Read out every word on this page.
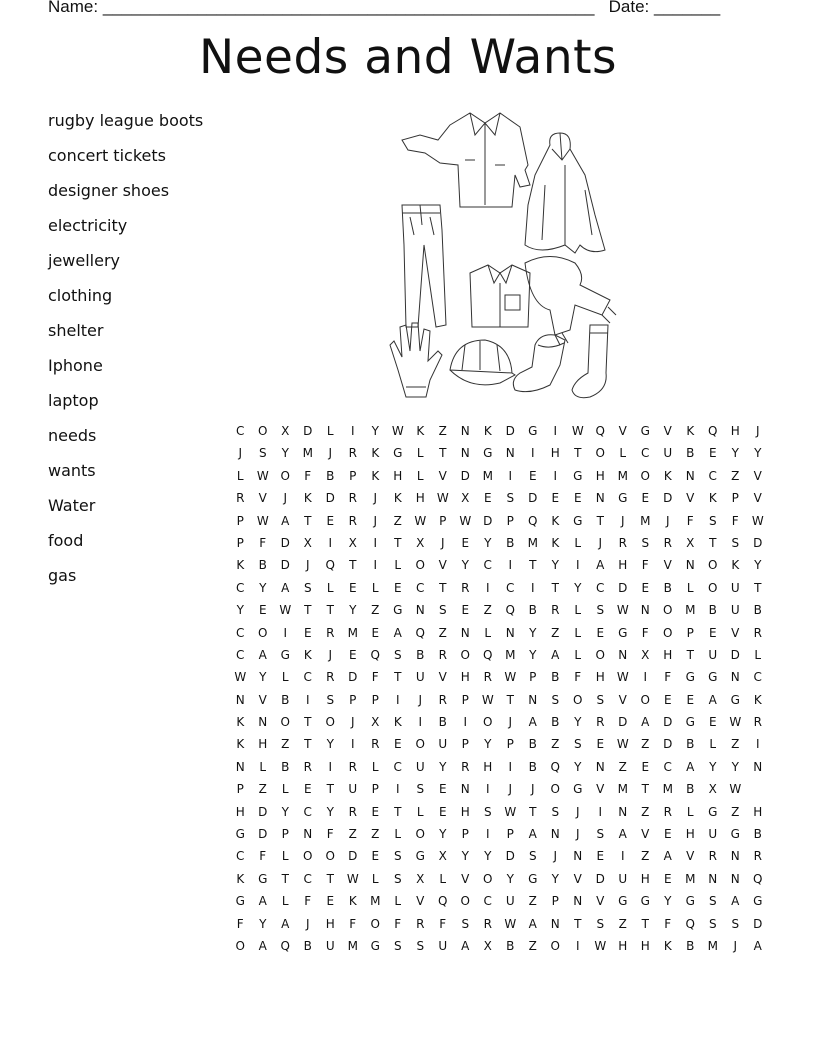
Name: ____________________________________________________ Date: _______
Needs and Wants
rugby league boots
concert tickets
designer shoes
electricity
jewellery
clothing
shelter
Iphone
laptop
needs
wants
Water
food
gas
C	O	X	D	L	I	Y	W	K	Z	N	K	D	G	I	W Q	V	G	V	K	Q	H	J
J	S	Y	M	J	R	K	G	L	T	N	G	N	I	H	T	O	L	C	U	B	E	Y	Y
L	W O	F	B	P	K	H	L	V	D	M	I	E	I	G	H	M	O	K	N	C	Z	V
R	V	J	K	D	R	J	K	H	W	X	E	S	D	E	E	N	G	E	D	V	K	P	V
P	W	A	T	E	R	J	Z	W	P	W D	P	Q	K	G	T	J	M	J	F	S	F	W
P	F	D	X	I	X	I	T	X	J	E	Y	B	M	K	L	J	R	S	R	X	T	S	D
K	B	D	J	Q	T	I	L	O	V	Y	C	I	T	Y	I	A	H	F	V	N	O	K	Y
C	Y	A	S	L	E	L	E	C	T	R	I	C	I	T	Y	C	D	E	B	L	O	U	T
Y	E	W	T	T	Y	Z	G	N	S	E	Z	Q	B	R	L	S	W	N	O	M	B	U	B
C	O	I	E	R	M	E	A	Q	Z	N	L	N	Y	Z	L	E	G	F	O	P	E	V	R
C	A	G	K	J	E	Q	S	B	R	O	Q	M	Y	A	L	O	N	X	H	T	U	D	L
W	Y	L	C	R	D	F	T	U	V	H	R	W	P	B	F	H	W	I	F	G	G	N	C
N	V	B	I	S	P	P	I	J	R	P	W	T	N	S	O	S	V	O	E	E	A	G	K
K	N	O	T	O	J	X	K	I	B	I	O	J	A	B	Y	R	D	A	D	G	E	W	R
K	H	Z	T	Y	I	R	E	O	U	P	Y	P	B	Z	S	E	W	Z	D	B	L	Z	I
N	L	B	R	I	R	L	C	U	Y	R	H	I	B	Q	Y	N	Z	E	C	A	Y	Y	N
P	Z	L	E	T	U	P	I	S	E	N	I	J	J	O	G	V	M	T	M	B	X	W
H	D	Y	C	Y	R	E	T	L	E	H	S	W	T	S	J	I	N	Z	R	L	G	Z	H
G	D	P	N	F	Z	Z	L	O	Y	P	I	P	A	N	J	S	A	V	E	H	U	G	B
C	F	L	O	O	D	E	S	G	X	Y	Y	D	S	J	N	E	I	Z	A	V	R	N	R
K	G	T	C	T	W	L	S	X	L	V	O	Y	G	Y	V	D	U	H	E	M	N	N	Q
G	A	L	F	E	K	M	L	V	Q	O	C	U	Z	P	N	V	G	G	Y	G	S	A	G
F	Y	A	J	H	F	O	F	R	F	S	R	W	A	N	T	S	Z	T	F	Q	S	S	D
O	A	Q	B	U	M	G	S	S	U	A	X	B	Z	O	I	W	H	H	K	B	M	J	A
